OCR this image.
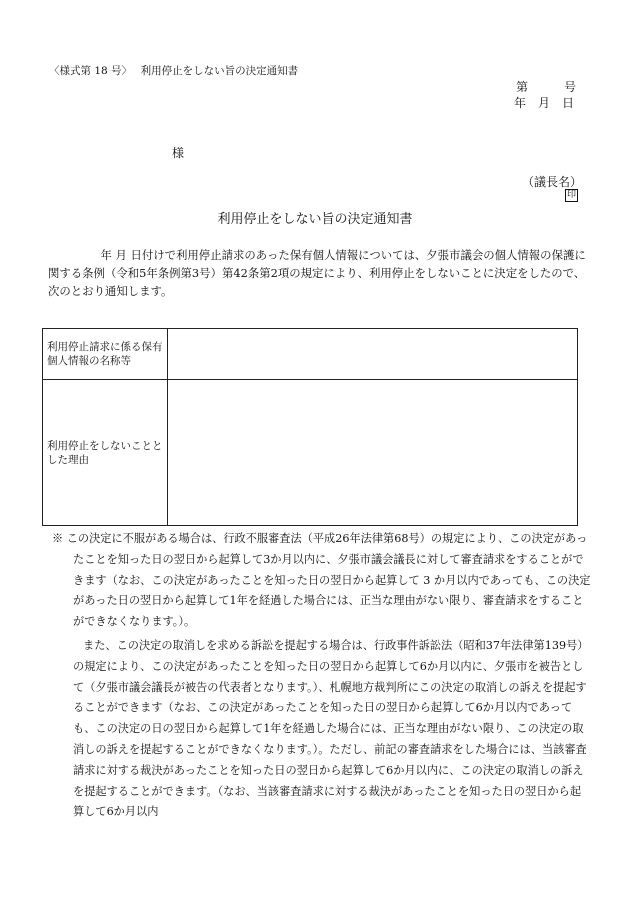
〈様式第 18 号〉　 利用停止をしない旨の決定通知書
第　　　号
年　月　日
様
（議長名）
印
利用停止をしない旨の決定通知書

年 月 日付けで利用停止請求のあった保有個人情報については、夕張市議会の個人情報の保護に関する条例（令和5年条例第3号）第42条第2項の規定により、利用停止をしないことに決定をしたので、次のとおり通知します。

利用停止請求に係る保有個人情報の名称等	
利用停止をしないこととした理由	
※ この決定に不服がある場合は、行政不服審査法（平成26年法律第68号）の規定により、この決定があったことを知った日の翌日から起算して3か月以内に、夕張市議会議長に対して審査請求をすることができます（なお、この決定があったことを知った日の翌日から起算して 3 か月以内であっても、この決定があった日の翌日から起算して1年を経過した場合には、正当な理由がない限り、審査請求をすることができなくなります。）。
また、この決定の取消しを求める訴訟を提起する場合は、行政事件訴訟法（昭和37年法律第139号）の規定により、この決定があったことを知った日の翌日から起算して6か月以内に、夕張市を被告として（夕張市議会議長が被告の代表者となります。）、札幌地方裁判所にこの決定の取消しの訴えを提起することができます（なお、この決定があったことを知った日の翌日から起算して6か月以内であっても、この決定の日の翌日から起算して1年を経過した場合には、正当な理由がない限り、この決定の取消しの訴えを提起することができなくなります。）。ただし、前記の審査請求をした場合には、当該審査請求に対する裁決があったことを知った日の翌日から起算して6か月以内に、この決定の取消しの訴えを提起することができます。（なお、当該審査請求に対する裁決があったことを知った日の翌日から起算して6か月以内
